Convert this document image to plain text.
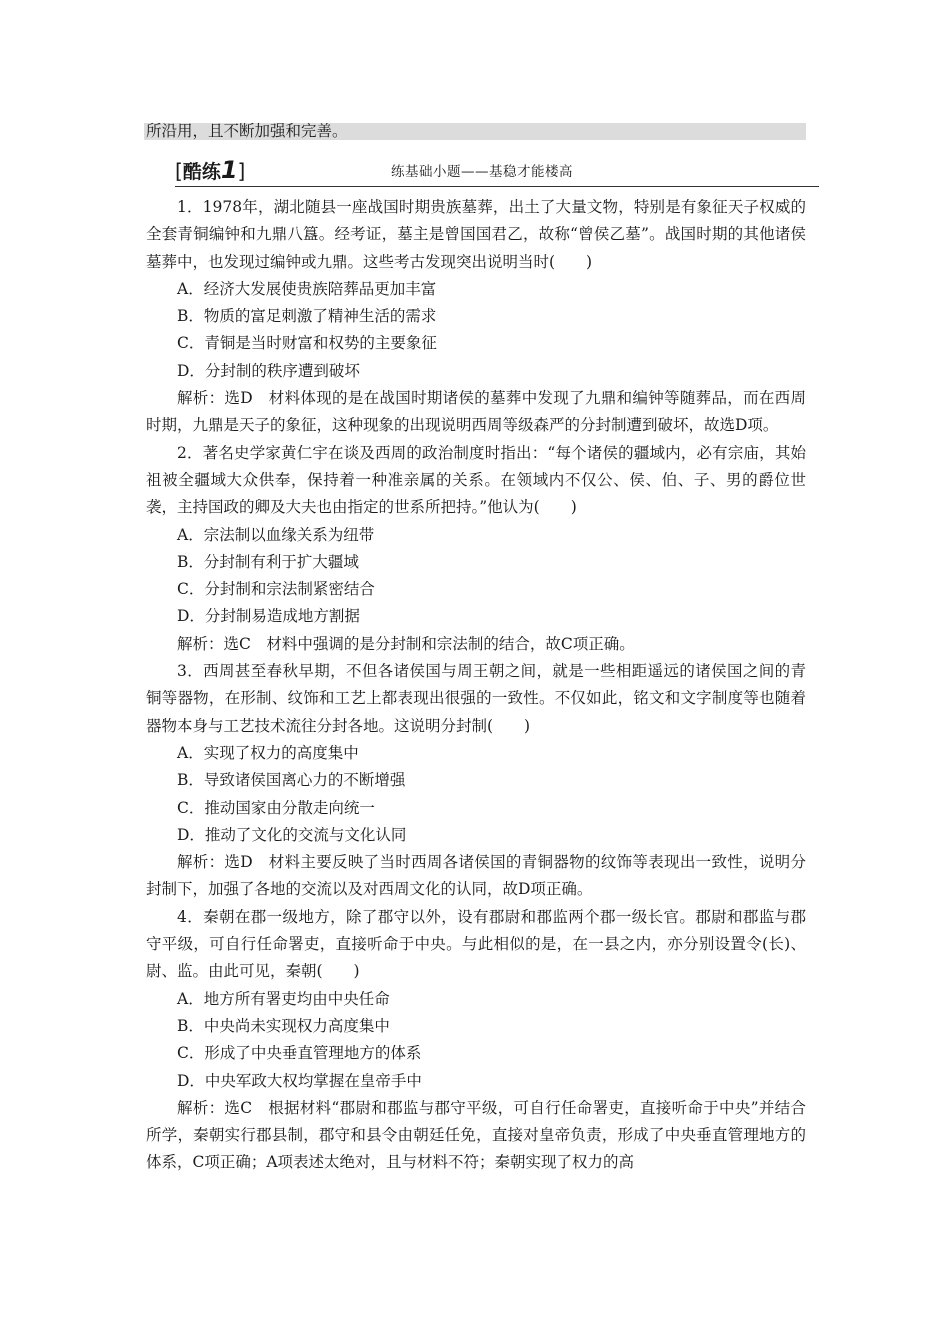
所沿用，且不断加强和完善。
[酷练1]	练基础小题——基稳才能楼高

1．1978年，湖北随县一座战国时期贵族墓葬，出土了大量文物，特别是有象征天子权威的全套青铜编钟和九鼎八簋。经考证，墓主是曾国国君乙，故称“曾侯乙墓”。战国时期的其他诸侯墓葬中，也发现过编钟或九鼎。这些考古发现突出说明当时(　　)

A．经济大发展使贵族陪葬品更加丰富

B．物质的富足刺激了精神生活的需求

C．青铜是当时财富和权势的主要象征

D．分封制的秩序遭到破坏

解析：选D　材料体现的是在战国时期诸侯的墓葬中发现了九鼎和编钟等随葬品，而在西周时期，九鼎是天子的象征，这种现象的出现说明西周等级森严的分封制遭到破坏，故选D项。

2．著名史学家黄仁宇在谈及西周的政治制度时指出：“每个诸侯的疆域内，必有宗庙，其始祖被全疆域大众供奉，保持着一种准亲属的关系。在领域内不仅公、侯、伯、子、男的爵位世袭，主持国政的卿及大夫也由指定的世系所把持。”他认为(　　)

A．宗法制以血缘关系为纽带

B．分封制有利于扩大疆域

C．分封制和宗法制紧密结合

D．分封制易造成地方割据

解析：选C　材料中强调的是分封制和宗法制的结合，故C项正确。

3．西周甚至春秋早期，不但各诸侯国与周王朝之间，就是一些相距遥远的诸侯国之间的青铜等器物，在形制、纹饰和工艺上都表现出很强的一致性。不仅如此，铭文和文字制度等也随着器物本身与工艺技术流往分封各地。这说明分封制(　　)

A．实现了权力的高度集中

B．导致诸侯国离心力的不断增强

C．推动国家由分散走向统一

D．推动了文化的交流与文化认同

解析：选D　材料主要反映了当时西周各诸侯国的青铜器物的纹饰等表现出一致性，说明分封制下，加强了各地的交流以及对西周文化的认同，故D项正确。

4．秦朝在郡一级地方，除了郡守以外，设有郡尉和郡监两个郡一级长官。郡尉和郡监与郡守平级，可自行任命署吏，直接听命于中央。与此相似的是，在一县之内，亦分别设置令(长)、尉、监。由此可见，秦朝(　　)

A．地方所有署吏均由中央任命

B．中央尚未实现权力高度集中

C．形成了中央垂直管理地方的体系

D．中央军政大权均掌握在皇帝手中

解析：选C　根据材料“郡尉和郡监与郡守平级，可自行任命署吏，直接听命于中央”并结合所学，秦朝实行郡县制，郡守和县令由朝廷任免，直接对皇帝负责，形成了中央垂直管理地方的体系，C项正确；A项表述太绝对，且与材料不符；秦朝实现了权力的高
